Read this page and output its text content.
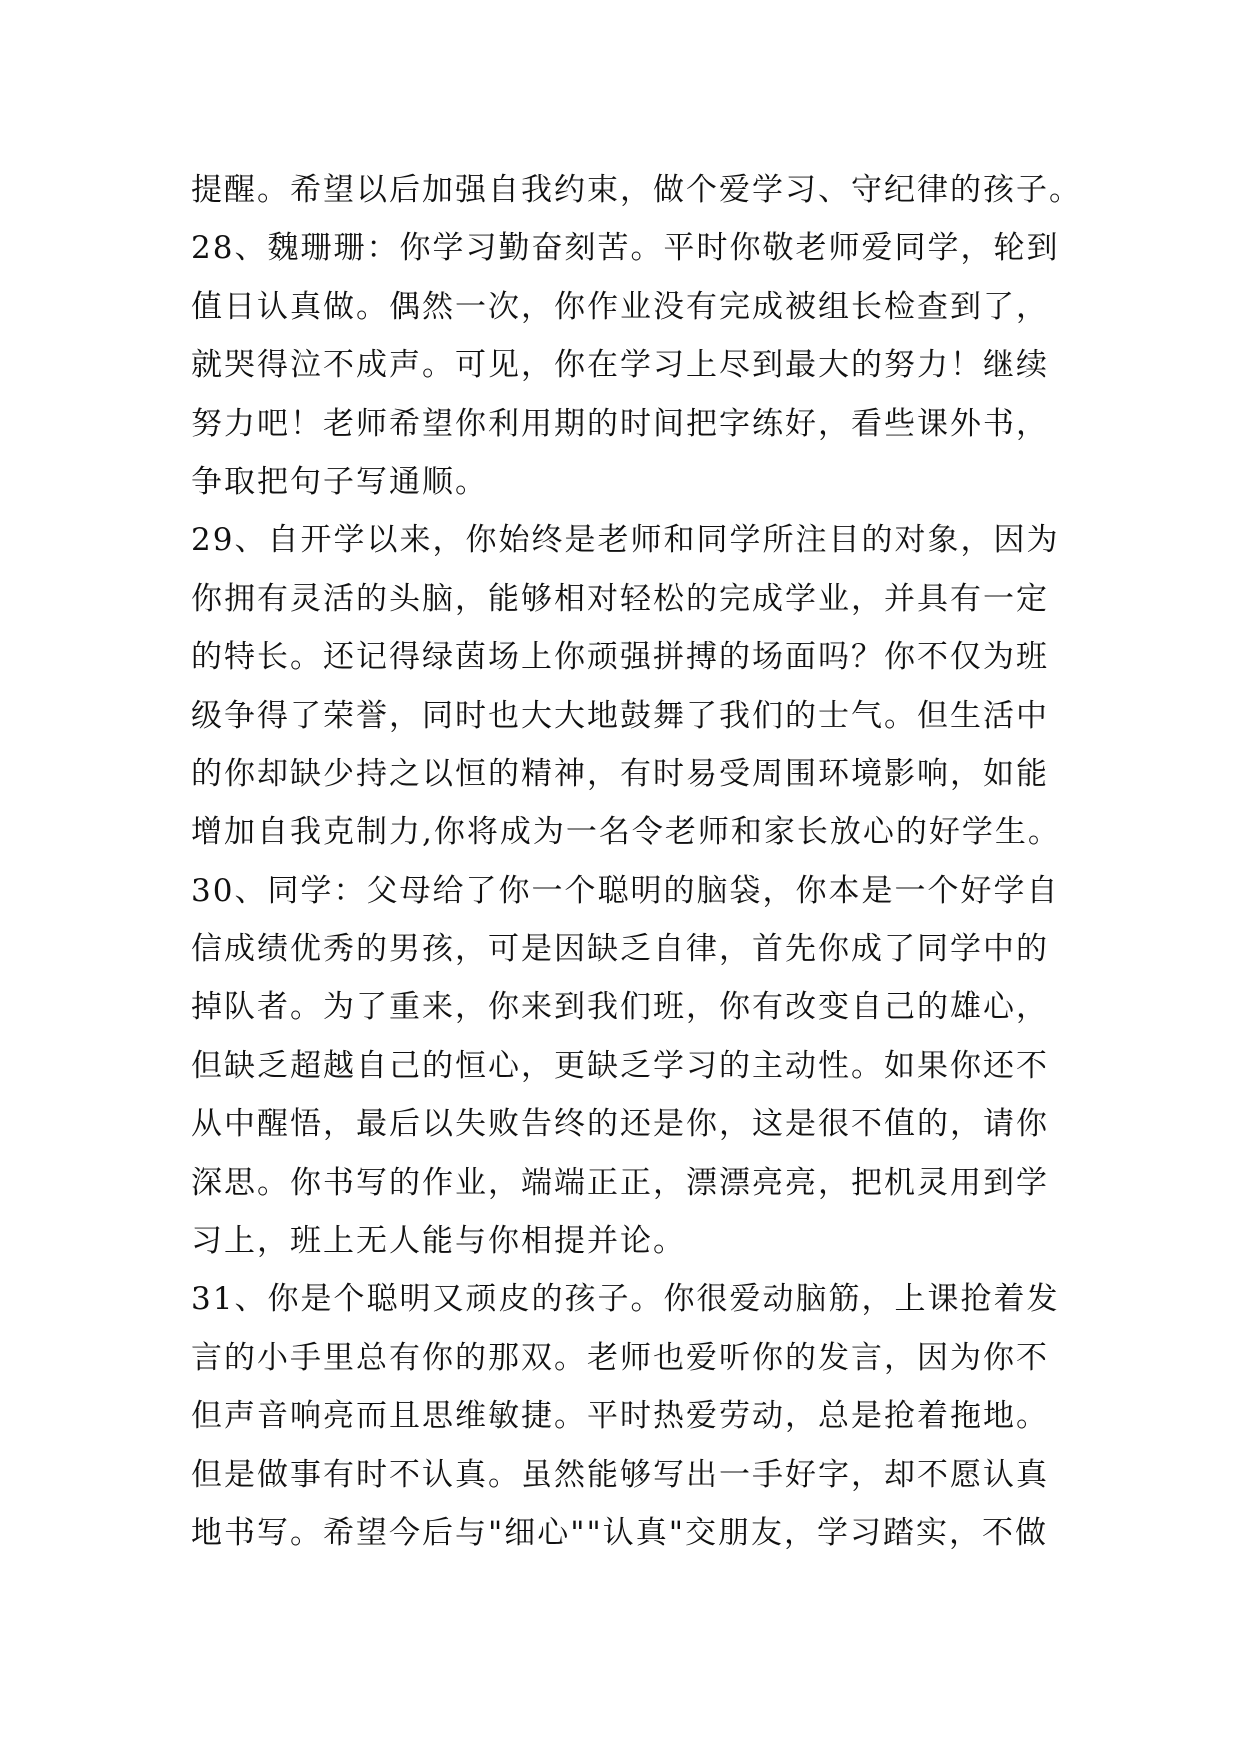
提醒。希望以后加强自我约束，做个爱学习、守纪律的孩子。
28、魏珊珊：你学习勤奋刻苦。平时你敬老师爱同学，轮到
值日认真做。偶然一次，你作业没有完成被组长检查到了，
就哭得泣不成声。可见，你在学习上尽到最大的努力！继续
努力吧！老师希望你利用期的时间把字练好，看些课外书，
争取把句子写通顺。
29、自开学以来，你始终是老师和同学所注目的对象，因为
你拥有灵活的头脑，能够相对轻松的完成学业，并具有一定
的特长。还记得绿茵场上你顽强拼搏的场面吗？你不仅为班
级争得了荣誉，同时也大大地鼓舞了我们的士气。但生活中
的你却缺少持之以恒的精神，有时易受周围环境影响，如能
增加自我克制力,你将成为一名令老师和家长放心的好学生。
30、同学：父母给了你一个聪明的脑袋，你本是一个好学自
信成绩优秀的男孩，可是因缺乏自律，首先你成了同学中的
掉队者。为了重来，你来到我们班，你有改变自己的雄心，
但缺乏超越自己的恒心，更缺乏学习的主动性。如果你还不
从中醒悟，最后以失败告终的还是你，这是很不值的，请你
深思。你书写的作业，端端正正，漂漂亮亮，把机灵用到学
习上，班上无人能与你相提并论。
31、你是个聪明又顽皮的孩子。你很爱动脑筋，上课抢着发
言的小手里总有你的那双。老师也爱听你的发言，因为你不
但声音响亮而且思维敏捷。平时热爱劳动，总是抢着拖地。
但是做事有时不认真。虽然能够写出一手好字，却不愿认真
地书写。希望今后与"细心""认真"交朋友，学习踏实，不做
